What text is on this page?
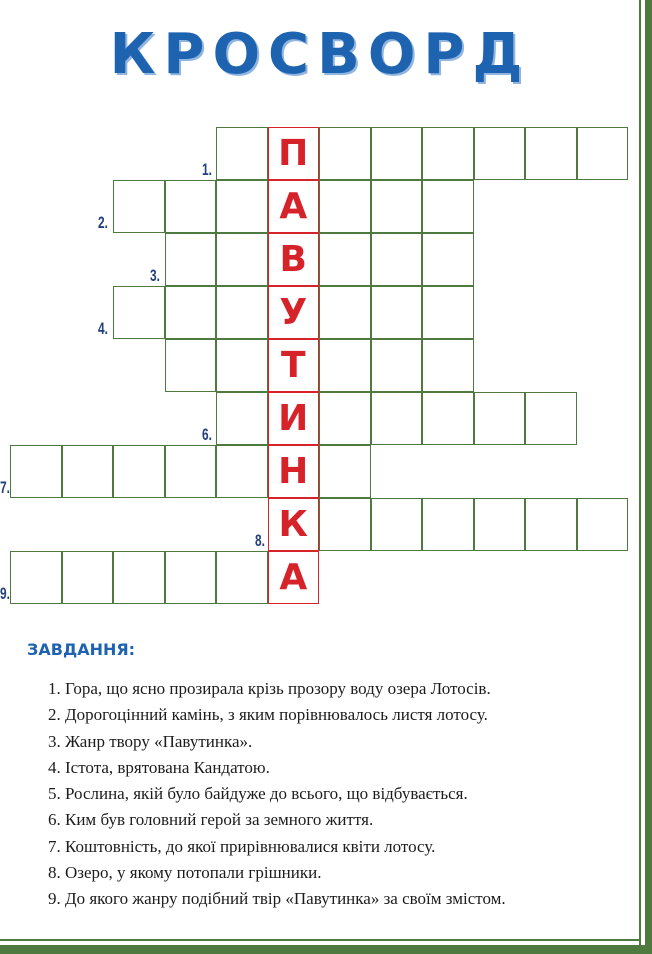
КРОСВОРД
П
1.
А
2.
В
3.
У
4.
Т
И
6.
Н
7.
К
8.
А
9.
ЗАВДАННЯ:
1. Гора, що ясно прозирала крізь прозору воду озера Лотосів.
2. Дорогоцінний камінь, з яким порівнювалось листя лотосу.
3. Жанр твору «Павутинка».
4. Істота, врятована Кандатою.
5. Рослина, якій було байдуже до всього, що відбувається.
6. Ким був головний герой за земного життя.
7. Коштовність, до якої прирівнювалися квіти лотосу.
8. Озеро, у якому потопали грішники.
9. До якого жанру подібний твір «Павутинка» за своїм змістом.
